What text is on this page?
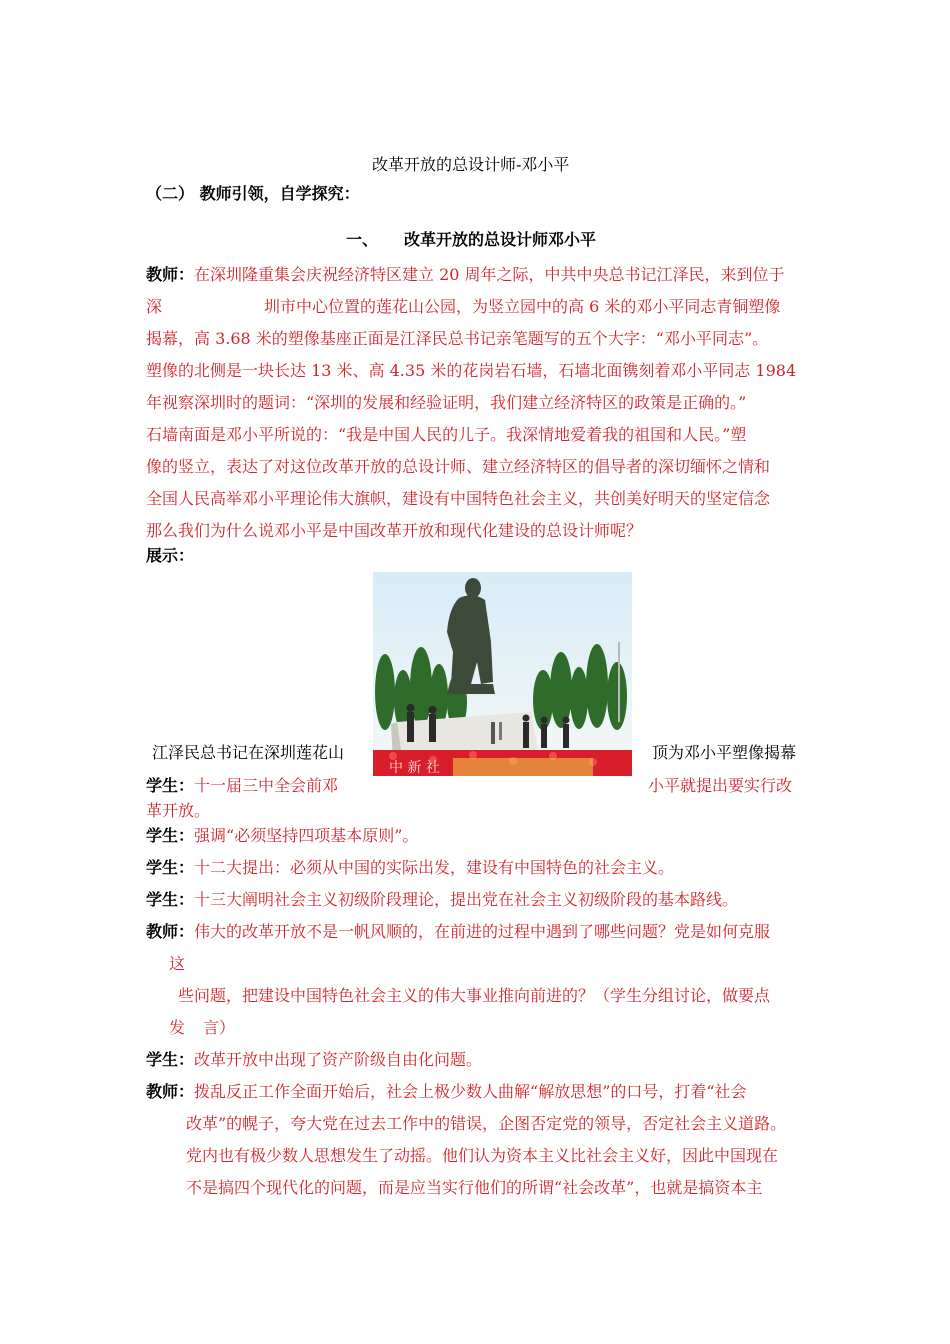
改革开放的总设计师-邓小平
（二） 教师引领，自学探究：
一、 改革开放的总设计师邓小平
教师：在深圳隆重集会庆祝经济特区建立 20 周年之际，中共中央总书记江泽民，来到位于
深	圳市中心位置的莲花山公园，为竖立园中的高 6 米的邓小平同志青铜塑像
揭幕，高 3.68 米的塑像基座正面是江泽民总书记亲笔题写的五个大字：“邓小平同志”。
塑像的北侧是一块长达 13 米、高 4.35 米的花岗岩石墙，石墙北面镌刻着邓小平同志 1984
年视察深圳时的题词：“深圳的发展和经验证明，我们建立经济特区的政策是正确的。”
石墙南面是邓小平所说的：“我是中国人民的儿子。我深情地爱着我的祖国和人民。”塑
像的竖立，表达了对这位改革开放的总设计师、建立经济特区的倡导者的深切缅怀之情和
全国人民高举邓小平理论伟大旗帜，建设有中国特色社会主义，共创美好明天的坚定信念
那么我们为什么说邓小平是中国改革开放和现代化建设的总设计师呢？
展示：
中 新 社
江泽民总书记在深圳莲花山	顶为邓小平塑像揭幕
学生：十一届三中全会前邓	小平就提出要实行改
革开放。
学生：强调“必须坚持四项基本原则”。
学生：十二大提出：必须从中国的实际出发，建设有中国特色的社会主义。
学生：十三大阐明社会主义初级阶段理论，提出党在社会主义初级阶段的基本路线。
教师：伟大的改革开放不是一帆风顺的，在前进的过程中遇到了哪些问题？党是如何克服
这
些问题，把建设中国特色社会主义的伟大事业推向前进的？（学生分组讨论，做要点
发 言）
学生：改革开放中出现了资产阶级自由化问题。
教师：拨乱反正工作全面开始后，社会上极少数人曲解“解放思想”的口号，打着“社会
改革”的幌子，夸大党在过去工作中的错误，企图否定党的领导，否定社会主义道路。
党内也有极少数人思想发生了动摇。他们认为资本主义比社会主义好，因此中国现在
不是搞四个现代化的问题，而是应当实行他们的所谓“社会改革”，也就是搞资本主
